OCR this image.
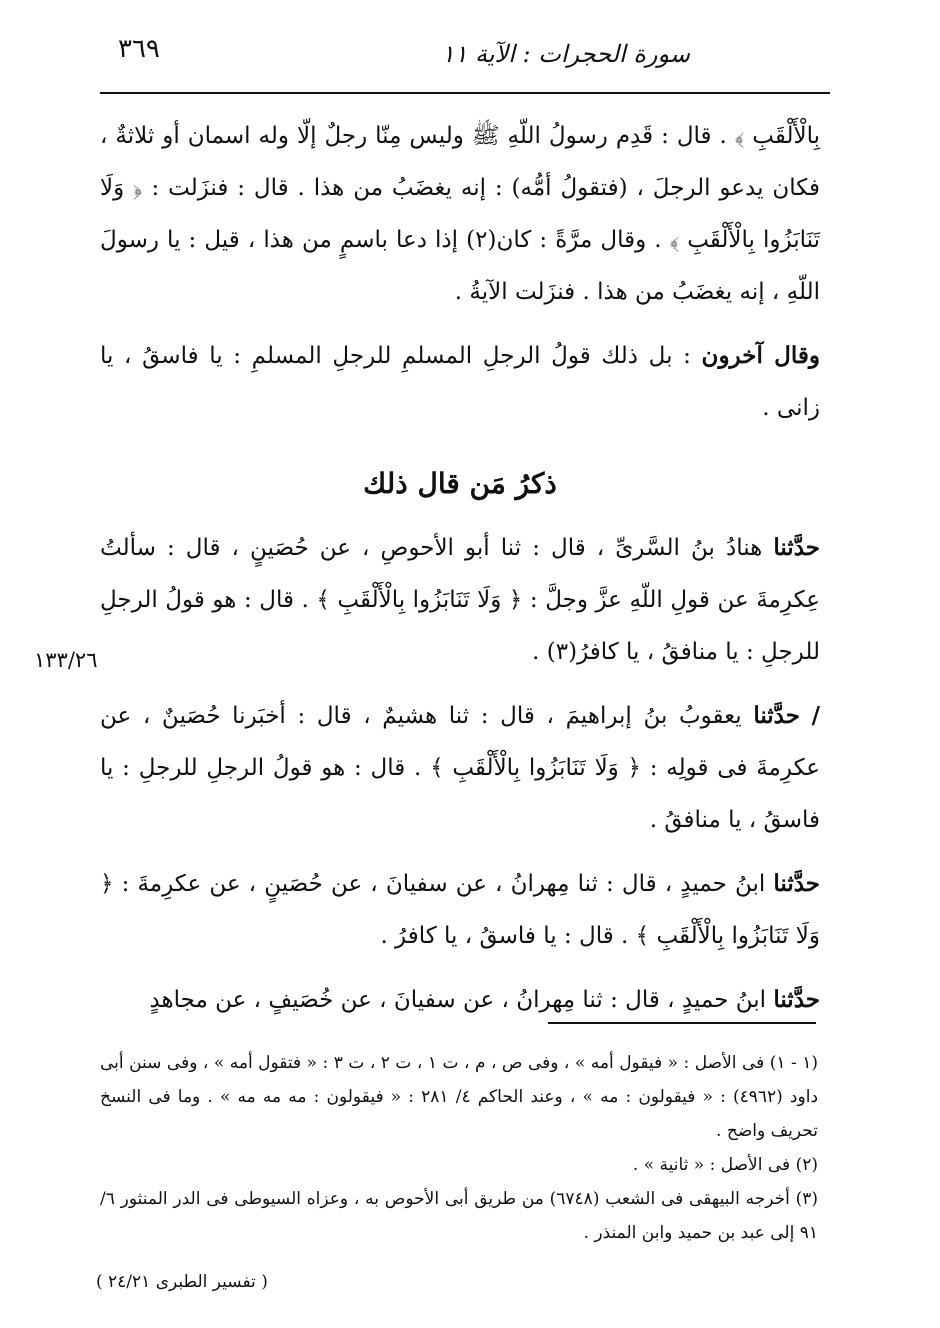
سورة الحجرات : الآية ١١
٣٦٩

بِالْأَلْقَبِ ﴾ . قال : قَدِم رسولُ اللّهِ ﷺ وليس مِنّا رجلٌ إلّا وله اسمان أو ثلاثةٌ ، فكان يدعو الرجلَ ، (فتقولُ أمُّه) : إنه يغضَبُ من هذا . قال : فنزَلت : ﴿ وَلَا تَنَابَزُوا بِالْأَلْقَبِ ﴾ . وقال مرَّةً : كان(٢) إذا دعا باسمٍ من هذا ، قيل : يا رسولَ اللّهِ ، إنه يغضَبُ من هذا . فنزَلت الآيةُ .

وقال آخرون : بل ذلك قولُ الرجلِ المسلمِ للرجلِ المسلمِ : يا فاسقُ ، يا زانى .

ذكرُ مَن قال ذلك

حدَّثنا هنادُ بنُ السَّرىِّ ، قال : ثنا أبو الأحوصِ ، عن حُصَينٍ ، قال : سألتُ عِكرِمةَ عن قولِ اللّهِ عزَّ وجلَّ : ﴿ وَلَا تَنَابَزُوا بِالْأَلْقَبِ ﴾ . قال : هو قولُ الرجلِ للرجلِ : يا منافقُ ، يا كافرُ(٣) .

/ حدَّثنا يعقوبُ بنُ إبراهيمَ ، قال : ثنا هشيمٌ ، قال : أخبَرنا حُصَينٌ ، عن عكرِمةَ فى قولِه : ﴿ وَلَا تَنَابَزُوا بِالْأَلْقَبِ ﴾ . قال : هو قولُ الرجلِ للرجلِ : يا فاسقُ ، يا منافقُ .

حدَّثنا ابنُ حميدٍ ، قال : ثنا مِهرانُ ، عن سفيانَ ، عن حُصَينٍ ، عن عكرِمةَ : ﴿ وَلَا تَنَابَزُوا بِالْأَلْقَبِ ﴾ . قال : يا فاسقُ ، يا كافرُ .

حدَّثنا ابنُ حميدٍ ، قال : ثنا مِهرانُ ، عن سفيانَ ، عن خُصَيفٍ ، عن مجاهدٍ

١٣٣/٢٦

(١ - ١) فى الأصل : « فيقول أمه » ، وفى ص ، م ، ت ١ ، ت ٢ ، ت ٣ : « فتقول أمه » ، وفى سنن أبى داود (٤٩٦٢) : « فيقولون : مه » ، وعند الحاكم ٤/ ٢٨١ : « فيقولون : مه مه مه » . وما فى النسخ تحريف واضح .

(٢) فى الأصل : « ثانية » .

(٣) أخرجه البيهقى فى الشعب (٦٧٤٨) من طريق أبى الأحوص به ، وعزاه السيوطى فى الدر المنثور ٦/ ٩١ إلى عبد بن حميد وابن المنذر .

( تفسير الطبرى ٢٤/٢١ )
